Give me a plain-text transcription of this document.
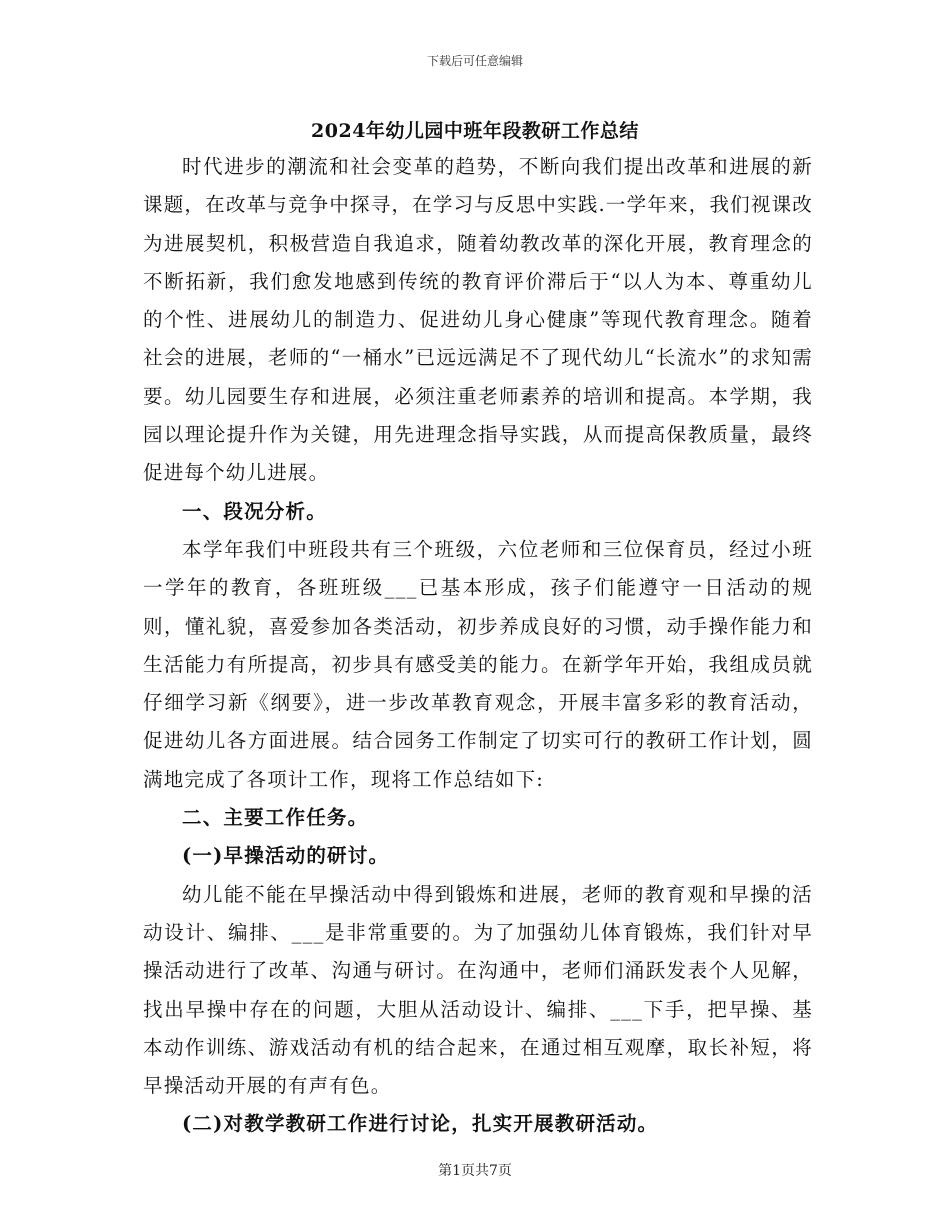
下载后可任意编辑
2024年幼儿园中班年段教研工作总结

时代进步的潮流和社会变革的趋势，不断向我们提出改革和进展的新课题，在改革与竞争中探寻，在学习与反思中实践.一学年来，我们视课改为进展契机，积极营造自我追求，随着幼教改革的深化开展，教育理念的不断拓新，我们愈发地感到传统的教育评价滞后于“以人为本、尊重幼儿的个性、进展幼儿的制造力、促进幼儿身心健康”等现代教育理念。随着社会的进展，老师的“一桶水”已远远满足不了现代幼儿“长流水”的求知需要。幼儿园要生存和进展，必须注重老师素养的培训和提高。本学期，我园以理论提升作为关键，用先进理念指导实践，从而提高保教质量，最终促进每个幼儿进展。

一、段况分析。

本学年我们中班段共有三个班级，六位老师和三位保育员，经过小班一学年的教育，各班班级___已基本形成，孩子们能遵守一日活动的规则，懂礼貌，喜爱参加各类活动，初步养成良好的习惯，动手操作能力和生活能力有所提高，初步具有感受美的能力。在新学年开始，我组成员就仔细学习新《纲要》，进一步改革教育观念，开展丰富多彩的教育活动，促进幼儿各方面进展。结合园务工作制定了切实可行的教研工作计划，圆满地完成了各项计工作，现将工作总结如下:

二、主要工作任务。

(一)早操活动的研讨。

幼儿能不能在早操活动中得到锻炼和进展，老师的教育观和早操的活动设计、编排、___是非常重要的。为了加强幼儿体育锻炼，我们针对早操活动进行了改革、沟通与研讨。在沟通中，老师们涌跃发表个人见解，找出早操中存在的问题，大胆从活动设计、编排、___下手，把早操、基本动作训练、游戏活动有机的结合起来，在通过相互观摩，取长补短，将早操活动开展的有声有色。

(二)对教学教研工作进行讨论，扎实开展教研活动。

第1页共7页
